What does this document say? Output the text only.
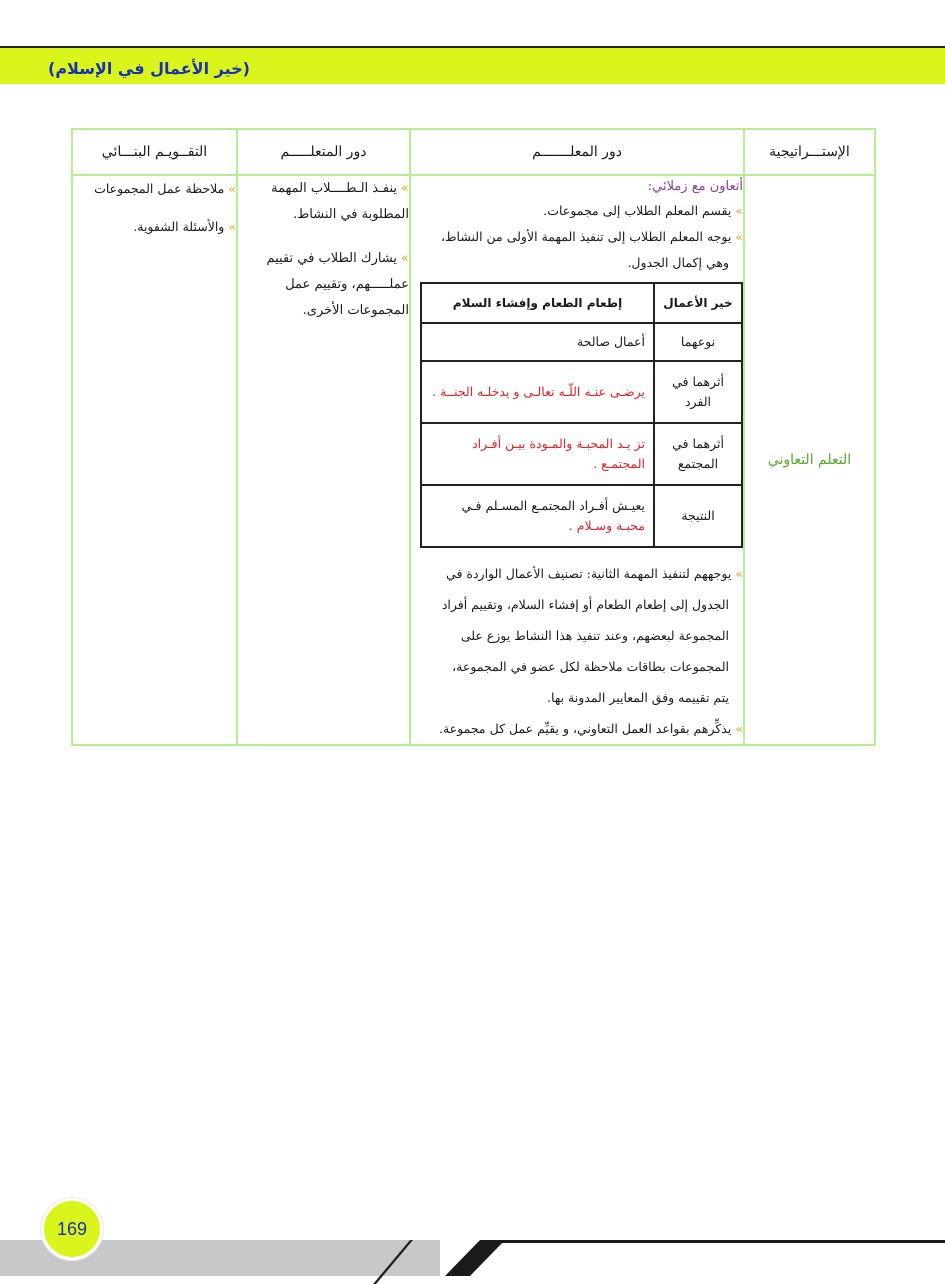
(خير الأعمال في الإسلام)
الإستـــراتيجية	دور المعلـــــــم	دور المتعلـــــم	التقــويـم البنـــائي
التعلم التعاوني	
أتعاون مع زملائي:
»يقسم المعلم الطلاب إلى مجموعات.
»يوجه المعلم الطلاب إلى تنفيذ المهمة الأولى من النشاط،
وهي إكمال الجدول.
خير الأعمال	إطعام الطعام وإفشاء السلام
نوعهما	أعمال صالحة
أثرهما في الفرد	يرضـى عنـه اللّـه تعالـى و يدخلـه الجنــة .
أثرهما في المجتمع	تز يـد المحبـة والمـودة بيـن أفـراد المجتمـع .
النتيجة	يعيـش أفـراد المجتمـع المسـلم فـي محبـة وسـلام .
»يوجههم لتنفيذ المهمة الثانية: تصنيف الأعمال الواردة في
الجدول إلى إطعام الطعام أو إفشاء السلام، وتقييم أفراد
المجموعة لبعضهم، وعند تنفيذ هذا النشاط يوزع على
المجموعات بطاقات ملاحظة لكل عضو في المجموعة،
يتم تقييمه وفق المعايير المدونة بها.
»يذكِّرهم بقواعد العمل التعاوني، و يقيِّم عمل كل مجموعة.

»ينفـذ الـطــــلاب المهمة المطلوبة في النشاط.
»يشارك الطلاب في تقييم عملـــــهم، وتقييم عمل المجموعات الأخرى.

»ملاحظة عمل المجموعات
»والأسئلة الشفوية.
169
